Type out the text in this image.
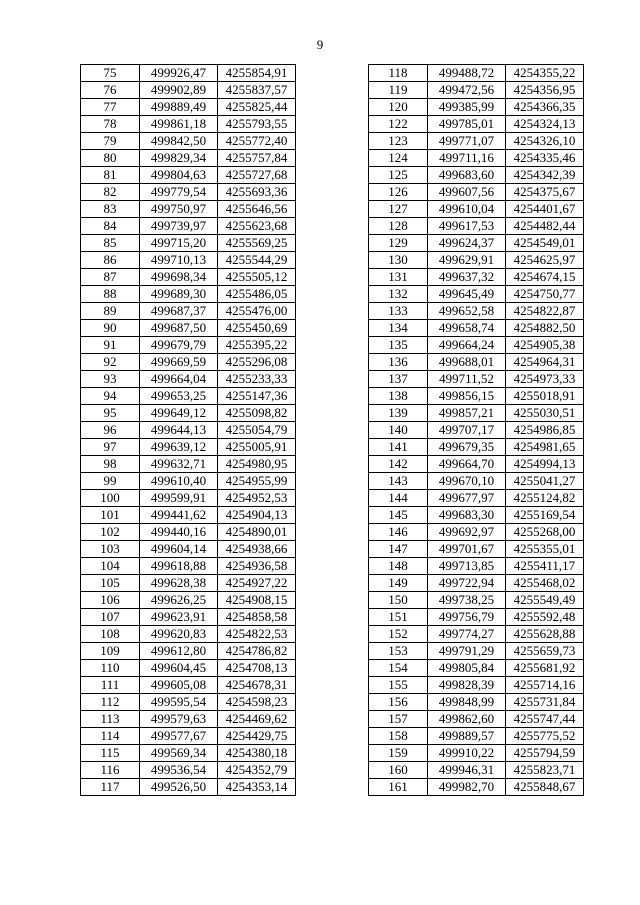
9
75	499926,47	4255854,91
76	499902,89	4255837,57
77	499889,49	4255825,44
78	499861,18	4255793,55
79	499842,50	4255772,40
80	499829,34	4255757,84
81	499804,63	4255727,68
82	499779,54	4255693,36
83	499750,97	4255646,56
84	499739,97	4255623,68
85	499715,20	4255569,25
86	499710,13	4255544,29
87	499698,34	4255505,12
88	499689,30	4255486,05
89	499687,37	4255476,00
90	499687,50	4255450,69
91	499679,79	4255395,22
92	499669,59	4255296,08
93	499664,04	4255233,33
94	499653,25	4255147,36
95	499649,12	4255098,82
96	499644,13	4255054,79
97	499639,12	4255005,91
98	499632,71	4254980,95
99	499610,40	4254955,99
100	499599,91	4254952,53
101	499441,62	4254904,13
102	499440,16	4254890,01
103	499604,14	4254938,66
104	499618,88	4254936,58
105	499628,38	4254927,22
106	499626,25	4254908,15
107	499623,91	4254858,58
108	499620,83	4254822,53
109	499612,80	4254786,82
110	499604,45	4254708,13
111	499605,08	4254678,31
112	499595,54	4254598,23
113	499579,63	4254469,62
114	499577,67	4254429,75
115	499569,34	4254380,18
116	499536,54	4254352,79
117	499526,50	4254353,14
118	499488,72	4254355,22
119	499472,56	4254356,95
120	499385,99	4254366,35
122	499785,01	4254324,13
123	499771,07	4254326,10
124	499711,16	4254335,46
125	499683,60	4254342,39
126	499607,56	4254375,67
127	499610,04	4254401,67
128	499617,53	4254482,44
129	499624,37	4254549,01
130	499629,91	4254625,97
131	499637,32	4254674,15
132	499645,49	4254750,77
133	499652,58	4254822,87
134	499658,74	4254882,50
135	499664,24	4254905,38
136	499688,01	4254964,31
137	499711,52	4254973,33
138	499856,15	4255018,91
139	499857,21	4255030,51
140	499707,17	4254986,85
141	499679,35	4254981,65
142	499664,70	4254994,13
143	499670,10	4255041,27
144	499677,97	4255124,82
145	499683,30	4255169,54
146	499692,97	4255268,00
147	499701,67	4255355,01
148	499713,85	4255411,17
149	499722,94	4255468,02
150	499738,25	4255549,49
151	499756,79	4255592,48
152	499774,27	4255628,88
153	499791,29	4255659,73
154	499805,84	4255681,92
155	499828,39	4255714,16
156	499848,99	4255731,84
157	499862,60	4255747,44
158	499889,57	4255775,52
159	499910,22	4255794,59
160	499946,31	4255823,71
161	499982,70	4255848,67
